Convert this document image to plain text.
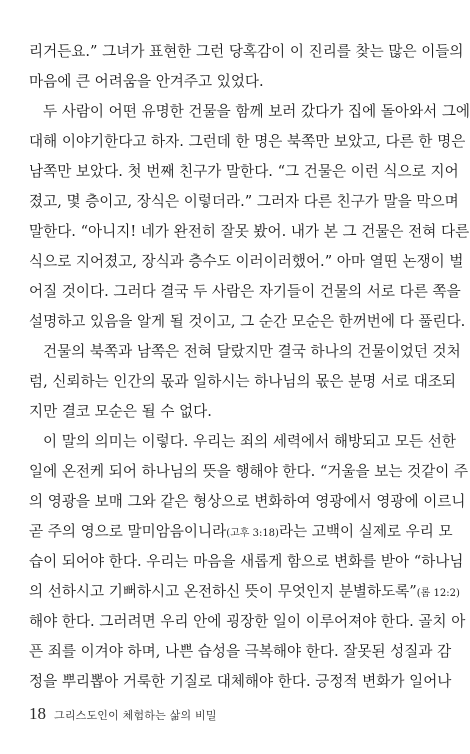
리거든요.” 그녀가 표현한 그런 당혹감이 이 진리를 찾는 많은 이들의
마음에 큰 어려움을 안겨주고 있었다.
두 사람이 어떤 유명한 건물을 함께 보러 갔다가 집에 돌아와서 그에
대해 이야기한다고 하자. 그런데 한 명은 북쪽만 보았고, 다른 한 명은
남쪽만 보았다. 첫 번째 친구가 말한다. “그 건물은 이런 식으로 지어
졌고, 몇 층이고, 장식은 이렇더라.” 그러자 다른 친구가 말을 막으며
말한다. “아니지! 네가 완전히 잘못 봤어. 내가 본 그 건물은 전혀 다른
식으로 지어졌고, 장식과 층수도 이러이러했어.” 아마 열띤 논쟁이 벌
어질 것이다. 그러다 결국 두 사람은 자기들이 건물의 서로 다른 쪽을
설명하고 있음을 알게 될 것이고, 그 순간 모순은 한꺼번에 다 풀린다.
건물의 북쪽과 남쪽은 전혀 달랐지만 결국 하나의 건물이었던 것처
럼, 신뢰하는 인간의 몫과 일하시는 하나님의 몫은 분명 서로 대조되
지만 결코 모순은 될 수 없다.
이 말의 의미는 이렇다. 우리는 죄의 세력에서 해방되고 모든 선한
일에 온전케 되어 하나님의 뜻을 행해야 한다. “거울을 보는 것같이 주
의 영광을 보매 그와 같은 형상으로 변화하여 영광에서 영광에 이르니
곧 주의 영으로 말미암음이니라(고후 3:18)라는 고백이 실제로 우리 모
습이 되어야 한다. 우리는 마음을 새롭게 함으로 변화를 받아 “하나님
의 선하시고 기뻐하시고 온전하신 뜻이 무엇인지 분별하도록”(롬 12:2)
해야 한다. 그러려면 우리 안에 굉장한 일이 이루어져야 한다. 골치 아
픈 죄를 이겨야 하며, 나쁜 습성을 극복해야 한다. 잘못된 성질과 감
정을 뿌리뽑아 거룩한 기질로 대체해야 한다. 긍정적 변화가 일어나
18 그리스도인이 체험하는 삶의 비밀
